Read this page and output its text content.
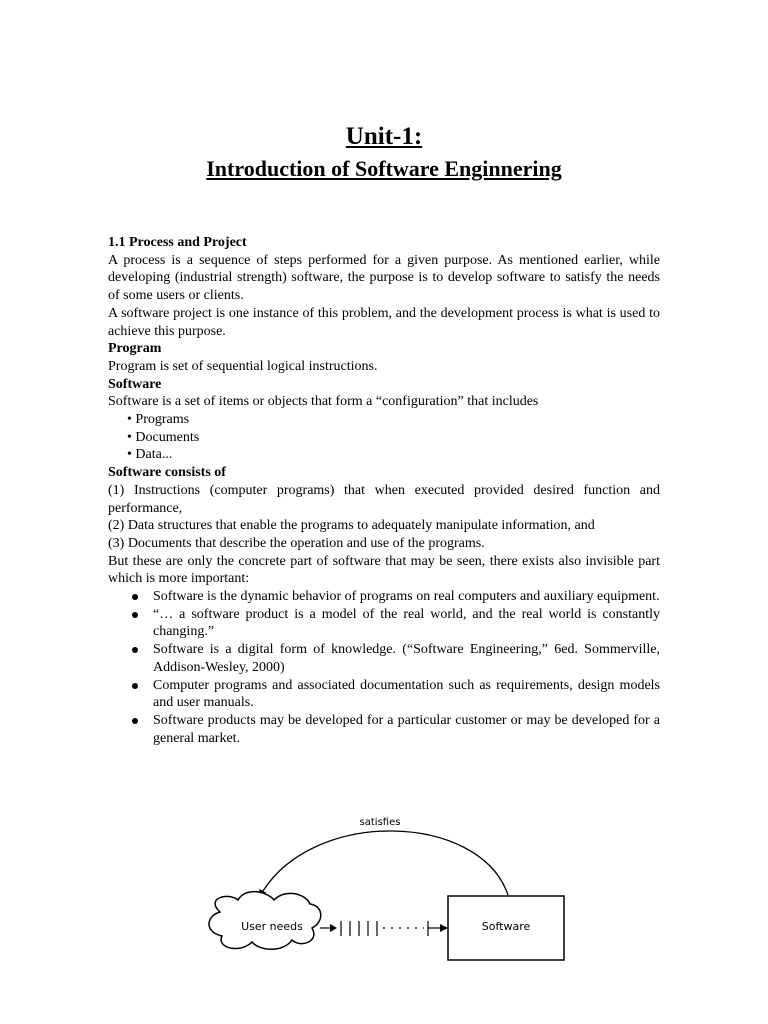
Unit-1:
Introduction of Software Enginnering

1.1 Process and Project

A process is a sequence of steps performed for a given purpose. As mentioned earlier, while developing (industrial strength) software, the purpose is to develop software to satisfy the needs of some users or clients.

A software project is one instance of this problem, and the development process is what is used to achieve this purpose.

Program

Program is set of sequential logical instructions.

Software

Software is a set of items or objects that form a “configuration” that includes

• Programs
• Documents
• Data...

Software consists of

(1) Instructions (computer programs) that when executed provided desired function and performance,
(2) Data structures that enable the programs to adequately manipulate information, and
(3) Documents that describe the operation and use of the programs.

But these are only the concrete part of software that may be seen, there exists also invisible part which is more important:

Software is the dynamic behavior of programs on real computers and auxiliary equipment.
“… a software product is a model of the real world, and the real world is constantly changing.”
Software is a digital form of knowledge. (“Software Engineering,” 6ed. Sommerville, Addison-Wesley, 2000)
Computer programs and associated documentation such as requirements, design models and user manuals.
Software products may be developed for a particular customer or may be developed for a general market.
satisfies
User needs	Software
